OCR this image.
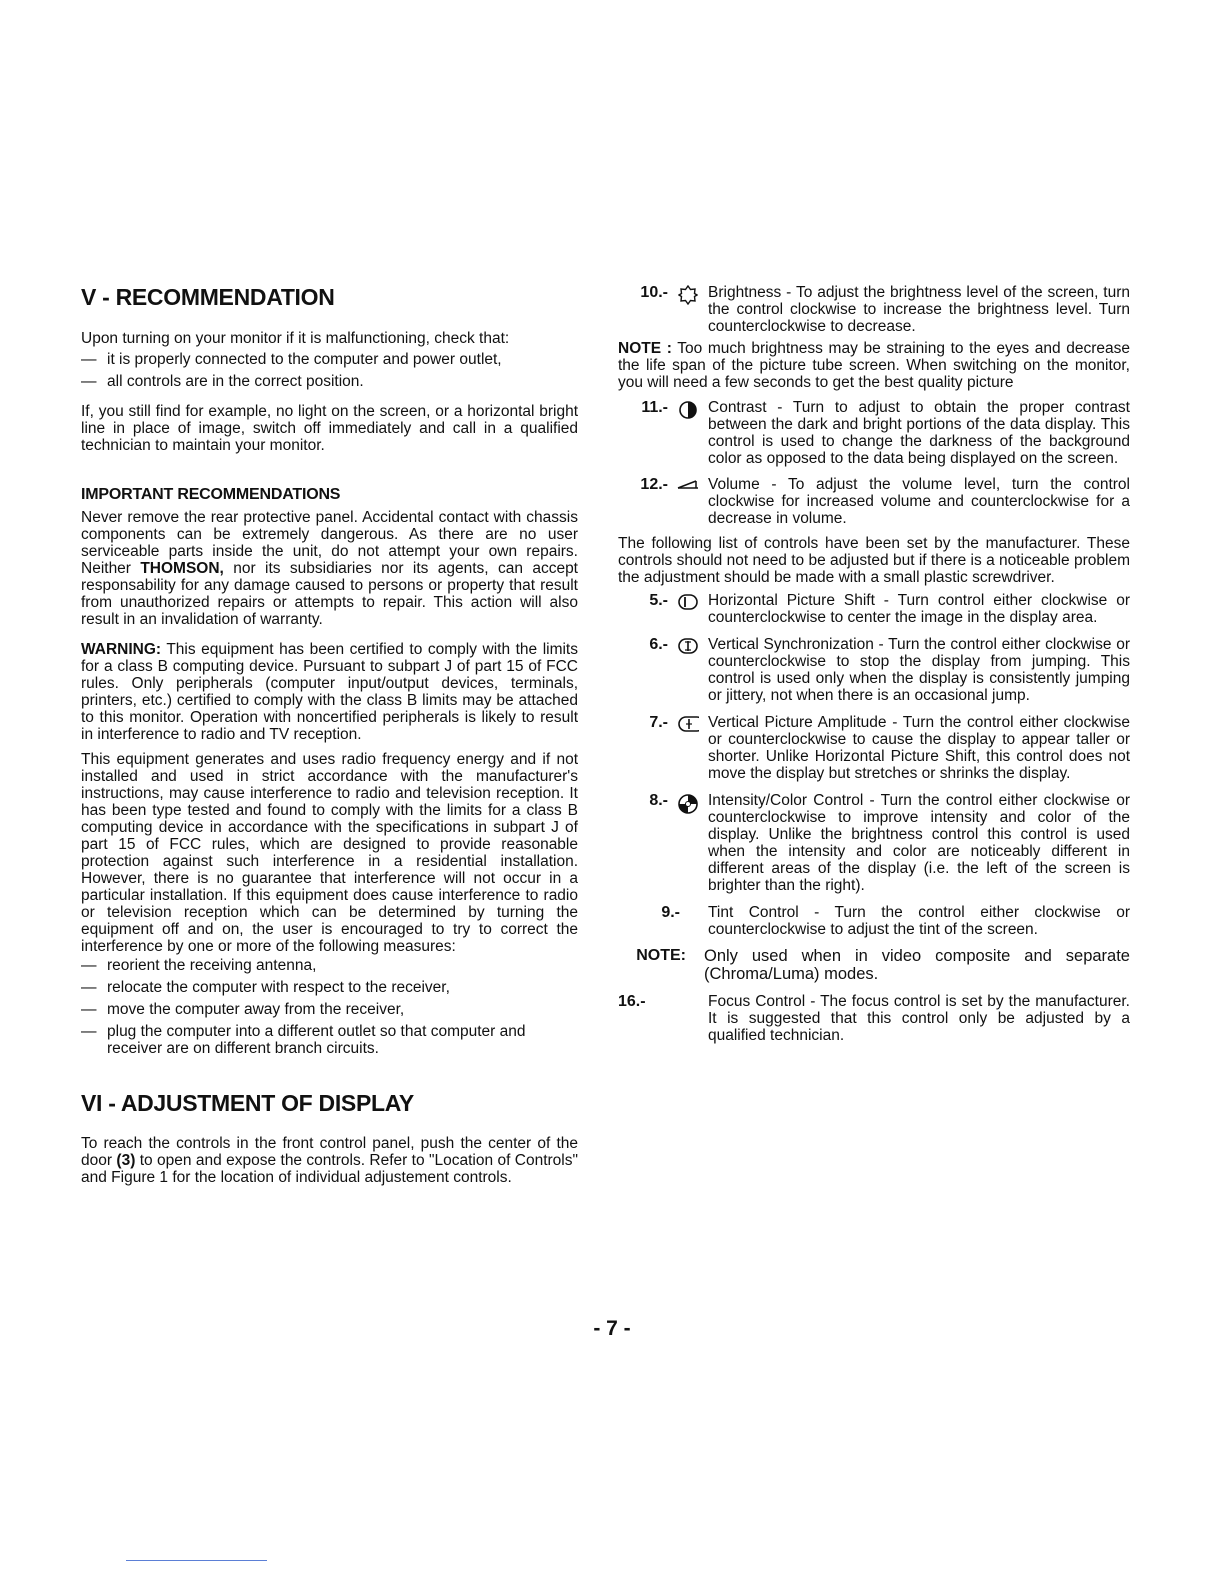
V - RECOMMENDATION

Upon turning on your monitor if it is malfunctioning, check that:

— it is properly connected to the computer and power outlet,
— all controls are in the correct position.

If, you still find for example, no light on the screen, or a horizontal bright line in place of image, switch off immediately and call in a qualified technician to maintain your monitor.

IMPORTANT RECOMMENDATIONS

Never remove the rear protective panel. Accidental contact with chassis components can be extremely dangerous. As there are no user serviceable parts inside the unit, do not attempt your own repairs. Neither THOMSON, nor its subsidiaries nor its agents, can accept responsability for any damage caused to persons or property that result from unauthorized repairs or attempts to repair. This action will also result in an invalidation of warranty.

WARNING: This equipment has been certified to comply with the limits for a class B computing device. Pursuant to subpart J of part 15 of FCC rules. Only peripherals (computer input/output devices, terminals, printers, etc.) certified to comply with the class B limits may be attached to this monitor. Operation with noncertified peripherals is likely to result in interference to radio and TV reception.

This equipment generates and uses radio frequency energy and if not installed and used in strict accordance with the manufacturer's instructions, may cause interference to radio and television reception. It has been type tested and found to comply with the limits for a class B computing device in accordance with the specifications in subpart J of part 15 of FCC rules, which are designed to provide reasonable protection against such interference in a residential installation. However, there is no guarantee that interference will not occur in a particular installation. If this equipment does cause interference to radio or television reception which can be determined by turning the equipment off and on, the user is encouraged to try to correct the interference by one or more of the following measures:

— reorient the receiving antenna,
— relocate the computer with respect to the receiver,
— move the computer away from the receiver,
— plug the computer into a different outlet so that computer and receiver are on different branch circuits.
VI - ADJUSTMENT OF DISPLAY

To reach the controls in the front control panel, push the center of the door (3) to open and expose the controls. Refer to "Location of Controls" and Figure 1 for the location of individual adjustement controls.

10.-	Brightness - To adjust the brightness level of the screen, turn the control clockwise to increase the brightness level. Turn counterclockwise to decrease.

NOTE : Too much brightness may be straining to the eyes and decrease the life span of the picture tube screen. When switching on the monitor, you will need a few seconds to get the best quality picture

11.-	Contrast - Turn to adjust to obtain the proper contrast between the dark and bright portions of the data display. This control is used to change the darkness of the background color as opposed to the data being displayed on the screen.
12.-	Volume - To adjust the volume level, turn the control clockwise for increased volume and counterclockwise for a decrease in volume.

The following list of controls have been set by the manufacturer. These controls should not need to be adjusted but if there is a noticeable problem the adjustment should be made with a small plastic screwdriver.

5.-	Horizontal Picture Shift - Turn control either clockwise or counterclockwise to center the image in the display area.
6.-	Vertical Synchronization - Turn the control either clockwise or counterclockwise to stop the display from jumping. This control is used only when the display is consistently jumping or jittery, not when there is an occasional jump.
7.-	Vertical Picture Amplitude - Turn the control either clockwise or counterclockwise to cause the display to appear taller or shorter. Unlike Horizontal Picture Shift, this control does not move the display but stretches or shrinks the display.
8.-	Intensity/Color Control - Turn the control either clockwise or counterclockwise to improve intensity and color of the display. Unlike the brightness control this control is used when the intensity and color are noticeably different in different areas of the display (i.e. the left of the screen is brighter than the right).
9.- Tint Control - Turn the control either clockwise or counterclockwise to adjust the tint of the screen.
NOTE: Only used when in video composite and separate (Chroma/Luma) modes.
16.-	Focus Control - The focus control is set by the manufacturer. It is suggested that this control only be adjusted by a qualified technician.
- 7 -
